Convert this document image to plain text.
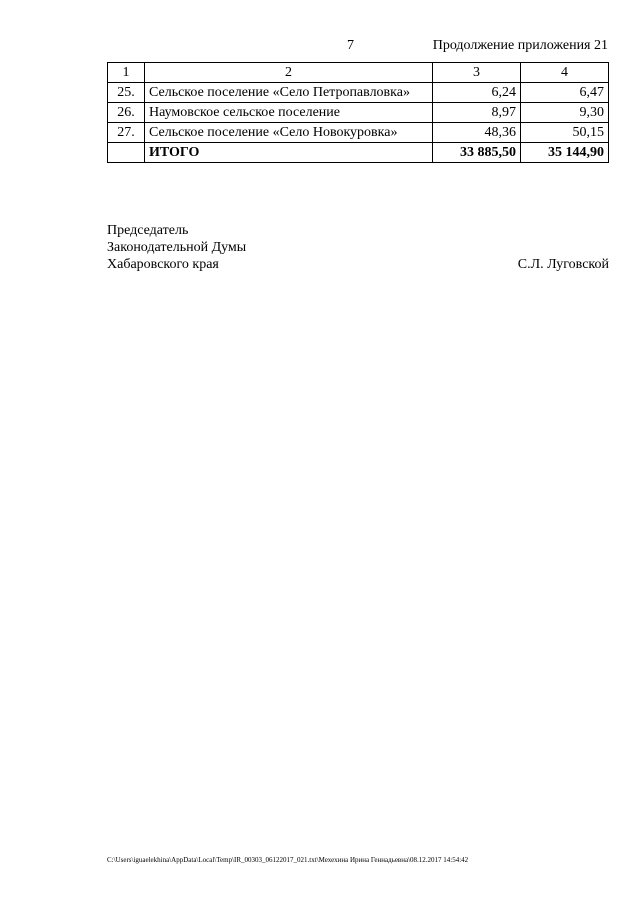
7	Продолжение приложения 21
1	2	3	4
25.	Сельское поселение «Село Петропавловка»	6,24	6,47
26.	Наумовское сельское поселение	8,97	9,30
27.	Сельское поселение «Село Новокуровка»	48,36	50,15
	ИТОГО	33 885,50	35 144,90
Председатель
Законодательной Думы
Хабаровского края	С.Л. Луговской
C:\Users\iguaelekhina\AppData\Local\Temp\IR_00303_06122017_021.txt\Мехехина Ирина Геннадьевна\08.12.2017 14:54:42
